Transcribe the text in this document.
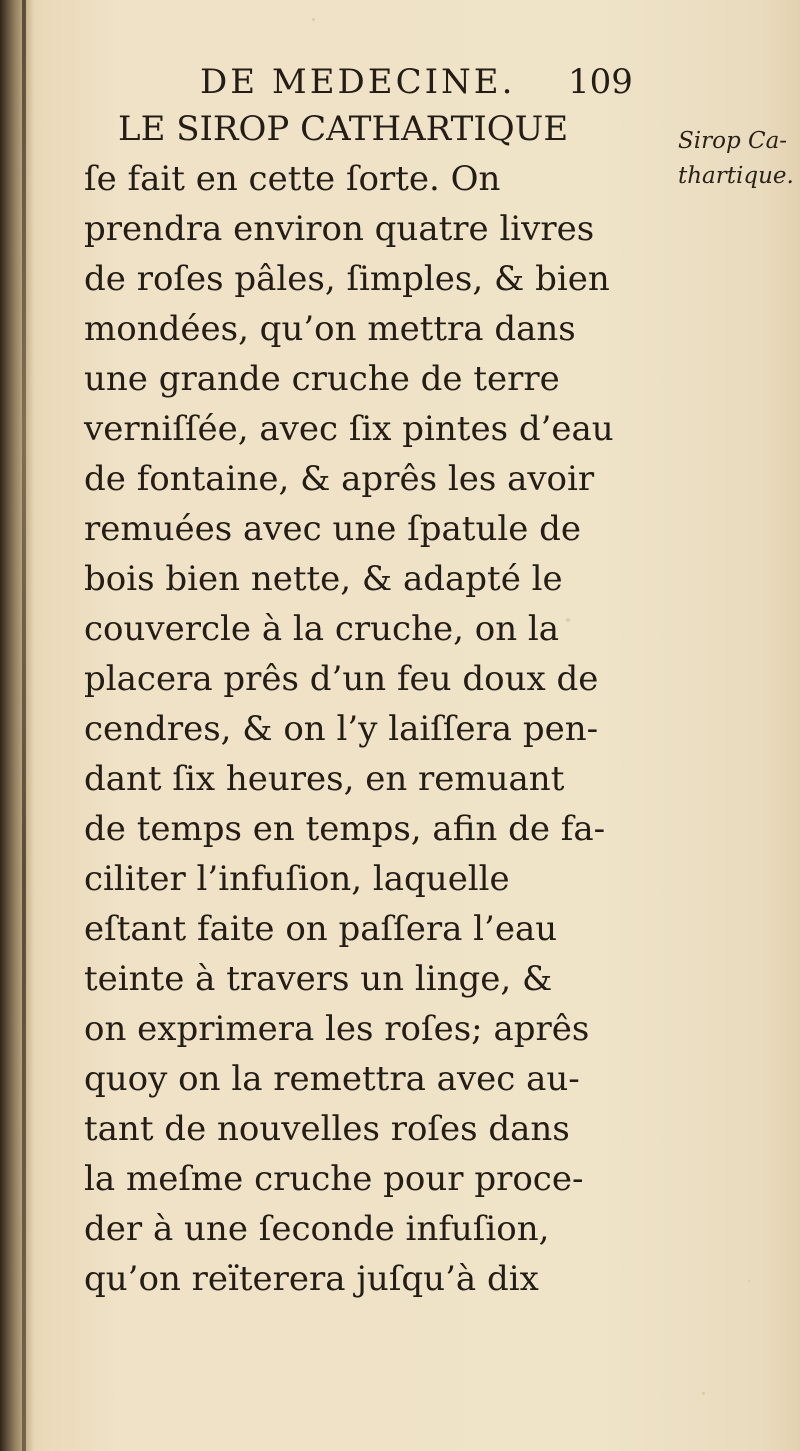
DE MEDECINE. 109
Sirop Ca-
thartique.
LE SIROP CATHARTIQUE
ſe fait en cette ſorte. On
prendra environ quatre livres
de roſes pâles, ſimples, & bien
mondées, qu’on mettra dans
une grande cruche de terre
verniſſée, avec ſix pintes d’eau
de fontaine, & aprês les avoir
remuées avec une ſpatule de
bois bien nette, & adapté le
couvercle à la cruche, on la
placera prês d’un feu doux de
cendres, & on l’y laiſſera pen-
dant ſix heures, en remuant
de temps en temps, afin de fa-
ciliter l’infuſion, laquelle
eſtant faite on paſſera l’eau
teinte à travers un linge, &
on exprimera les roſes; aprês
quoy on la remettra avec au-
tant de nouvelles roſes dans
la meſme cruche pour proce-
der à une ſeconde infuſion,
qu’on reïterera juſqu’à dix
